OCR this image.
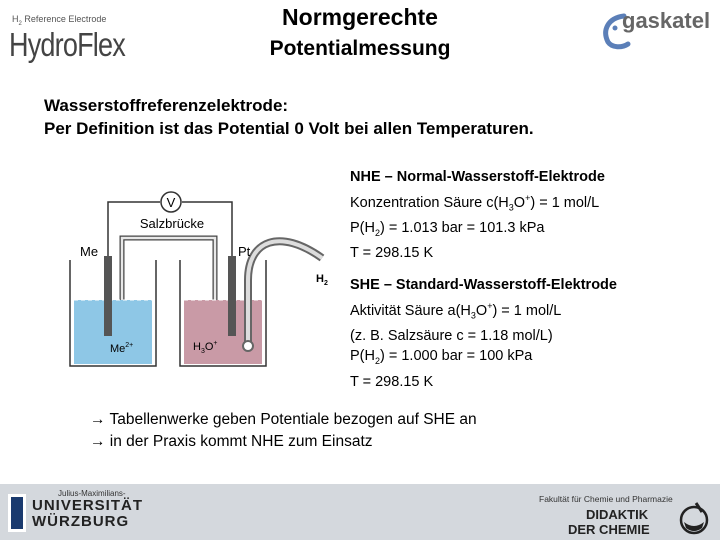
$H_2$ Reference Electrode
HydroFlex
Normgerechte
Potentialmessung
gaskatel
Wasserstoffreferenzelektrode:
Per Definition ist das Potential 0 Volt bei allen Temperaturen.
V
Salzbrücke
Me	Pt
$H_2$
$Me^{2+}$	$H_3O^+$
NHE – Normal-Wasserstoff-Elektrode
Konzentration Säure $c(H_3O^+) = 1$ mol/L
$P(H_2) = 1.013$ bar = 101.3 kPa
T = 298.15 K
SHE – Standard-Wasserstoff-Elektrode
Aktivität Säure $a(H_3O^+) = 1$ mol/L
(z. B. Salzsäure c = 1.18 mol/L)
$P(H_2) = 1.000$ bar = 100 kPa
T = 298.15 K
→ Tabellenwerke geben Potentiale bezogen auf SHE an
→ in der Praxis kommt NHE zum Einsatz
Julius-Maximilians-
UNIVERSITÄT
WÜRZBURG
Fakultät für Chemie und Pharmazie
DIDAKTIK
DER CHEMIE
